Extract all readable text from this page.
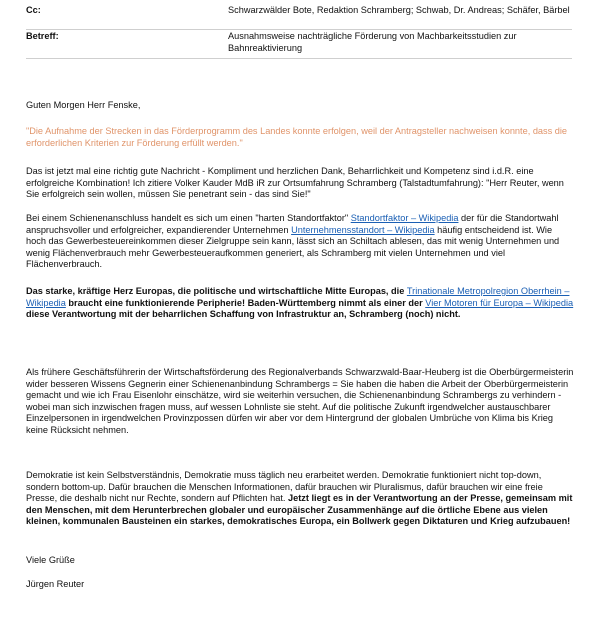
Cc:	Schwarzwälder Bote, Redaktion Schramberg; Schwab, Dr. Andreas; Schäfer, Bärbel
Betreff:	Ausnahmsweise nachträgliche Förderung von Machbarkeitsstudien zur Bahnreaktivierung

Guten Morgen Herr Fenske,

"Die Aufnahme der Strecken in das Förderprogramm des Landes konnte erfolgen, weil der Antragsteller nachweisen konnte, dass die erforderlichen Kriterien zur Förderung erfüllt werden."

Das ist jetzt mal eine richtig gute Nachricht - Kompliment und herzlichen Dank, Beharrlichkeit und Kompetenz sind i.d.R. eine erfolgreiche Kombination! Ich zitiere Volker Kauder MdB iR zur Ortsumfahrung Schramberg (Talstadtumfahrung): "Herr Reuter, wenn Sie erfolgreich sein wollen, müssen Sie penetrant sein - das sind Sie!"

Bei einem Schienenanschluss handelt es sich um einen "harten Standortfaktor" Standortfaktor – Wikipedia der für die Standortwahl anspruchsvoller und erfolgreicher, expandierender Unternehmen Unternehmensstandort – Wikipedia häufig entscheidend ist. Wie hoch das Gewerbesteuereinkommen dieser Zielgruppe sein kann, lässt sich an Schiltach ablesen, das mit wenig Unternehmen und wenig Flächenverbrauch mehr Gewerbesteueraufkommen generiert, als Schramberg mit vielen Unternehmen und viel Flächenverbrauch.

Das starke, kräftige Herz Europas, die politische und wirtschaftliche Mitte Europas, die Trinationale Metropolregion Oberrhein – Wikipedia braucht eine funktionierende Peripherie! Baden-Württemberg nimmt als einer der Vier Motoren für Europa – Wikipedia diese Verantwortung mit der beharrlichen Schaffung von Infrastruktur an, Schramberg (noch) nicht.

Als frühere Geschäftsführerin der Wirtschaftsförderung des Regionalverbands Schwarzwald-Baar-Heuberg ist die Oberbürgermeisterin wider besseren Wissens Gegnerin einer Schienenanbindung Schrambergs = Sie haben die haben die Arbeit der Oberbürgermeisterin gemacht und wie ich Frau Eisenlohr einschätze, wird sie weiterhin versuchen, die Schienenanbindung Schrambergs zu verhindern - wobei man sich inzwischen fragen muss, auf wessen Lohnliste sie steht. Auf die politische Zukunft irgendwelcher austauschbarer Einzelpersonen in irgendwelchen Provinzpossen dürfen wir aber vor dem Hintergrund der globalen Umbrüche von Klima bis Krieg keine Rücksicht nehmen.

Demokratie ist kein Selbstverständnis, Demokratie muss täglich neu erarbeitet werden. Demokratie funktioniert nicht top-down, sondern bottom-up. Dafür brauchen die Menschen Informationen, dafür brauchen wir Pluralismus, dafür brauchen wir eine freie Presse, die deshalb nicht nur Rechte, sondern auf Pflichten hat. Jetzt liegt es in der Verantwortung an der Presse, gemeinsam mit den Menschen, mit dem Herunterbrechen globaler und europäischer Zusammenhänge auf die örtliche Ebene aus vielen kleinen, kommunalen Bausteinen ein starkes, demokratisches Europa, ein Bollwerk gegen Diktaturen und Krieg aufzubauen!

Viele Grüße

Jürgen Reuter
